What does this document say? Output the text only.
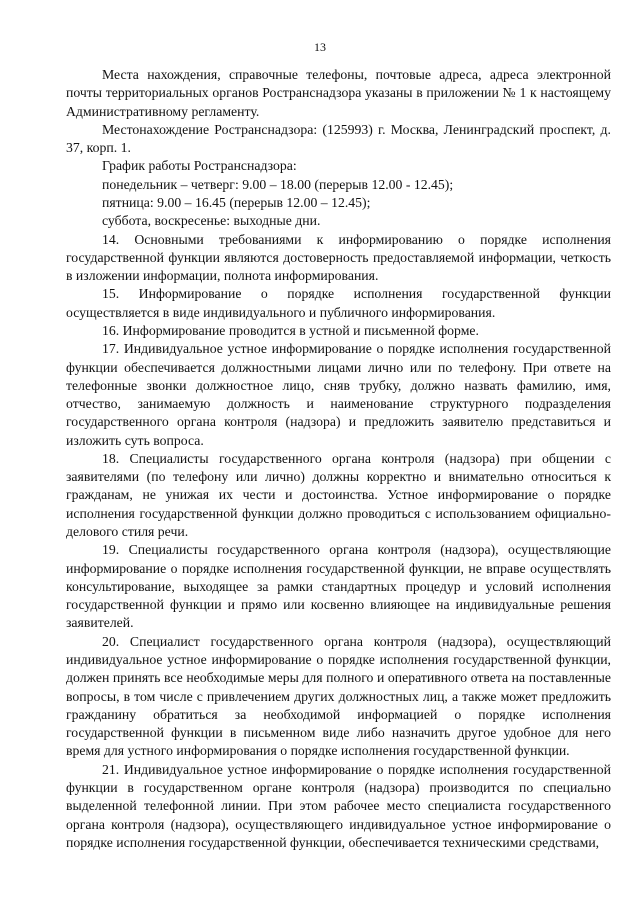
13

Места нахождения, справочные телефоны, почтовые адреса, адреса электронной почты территориальных органов Ространснадзора указаны в приложении № 1 к настоящему Административному регламенту.

Местонахождение Ространснадзора: (125993) г. Москва, Ленинградский проспект, д. 37, корп. 1.

График работы Ространснадзора:

понедельник – четверг: 9.00 – 18.00 (перерыв 12.00 - 12.45);

пятница: 9.00 – 16.45 (перерыв 12.00 – 12.45);

суббота, воскресенье: выходные дни.

14. Основными требованиями к информированию о порядке исполнения государственной функции являются достоверность предоставляемой информации, четкость в изложении информации, полнота информирования.

15. Информирование о порядке исполнения государственной функции осуществляется в виде индивидуального и публичного информирования.

16. Информирование проводится в устной и письменной форме.

17. Индивидуальное устное информирование о порядке исполнения государственной функции обеспечивается должностными лицами лично или по телефону. При ответе на телефонные звонки должностное лицо, сняв трубку, должно назвать фамилию, имя, отчество, занимаемую должность и наименование структурного подразделения государственного органа контроля (надзора) и предложить заявителю представиться и изложить суть вопроса.

18. Специалисты государственного органа контроля (надзора) при общении с заявителями (по телефону или лично) должны корректно и внимательно относиться к гражданам, не унижая их чести и достоинства. Устное информирование о порядке исполнения государственной функции должно проводиться с использованием официально-делового стиля речи.

19. Специалисты государственного органа контроля (надзора), осуществляющие информирование о порядке исполнения государственной функции, не вправе осуществлять консультирование, выходящее за рамки стандартных процедур и условий исполнения государственной функции и прямо или косвенно влияющее на индивидуальные решения заявителей.

20. Специалист государственного органа контроля (надзора), осуществляющий индивидуальное устное информирование о порядке исполнения государственной функции, должен принять все необходимые меры для полного и оперативного ответа на поставленные вопросы, в том числе с привлечением других должностных лиц, а также может предложить гражданину обратиться за необходимой информацией о порядке исполнения государственной функции в письменном виде либо назначить другое удобное для него время для устного информирования о порядке исполнения государственной функции.

21. Индивидуальное устное информирование о порядке исполнения государственной функции в государственном органе контроля (надзора) производится по специально выделенной телефонной линии. При этом рабочее место специалиста государственного органа контроля (надзора), осуществляющего индивидуальное устное информирование о порядке исполнения государственной функции, обеспечивается техническими средствами,
